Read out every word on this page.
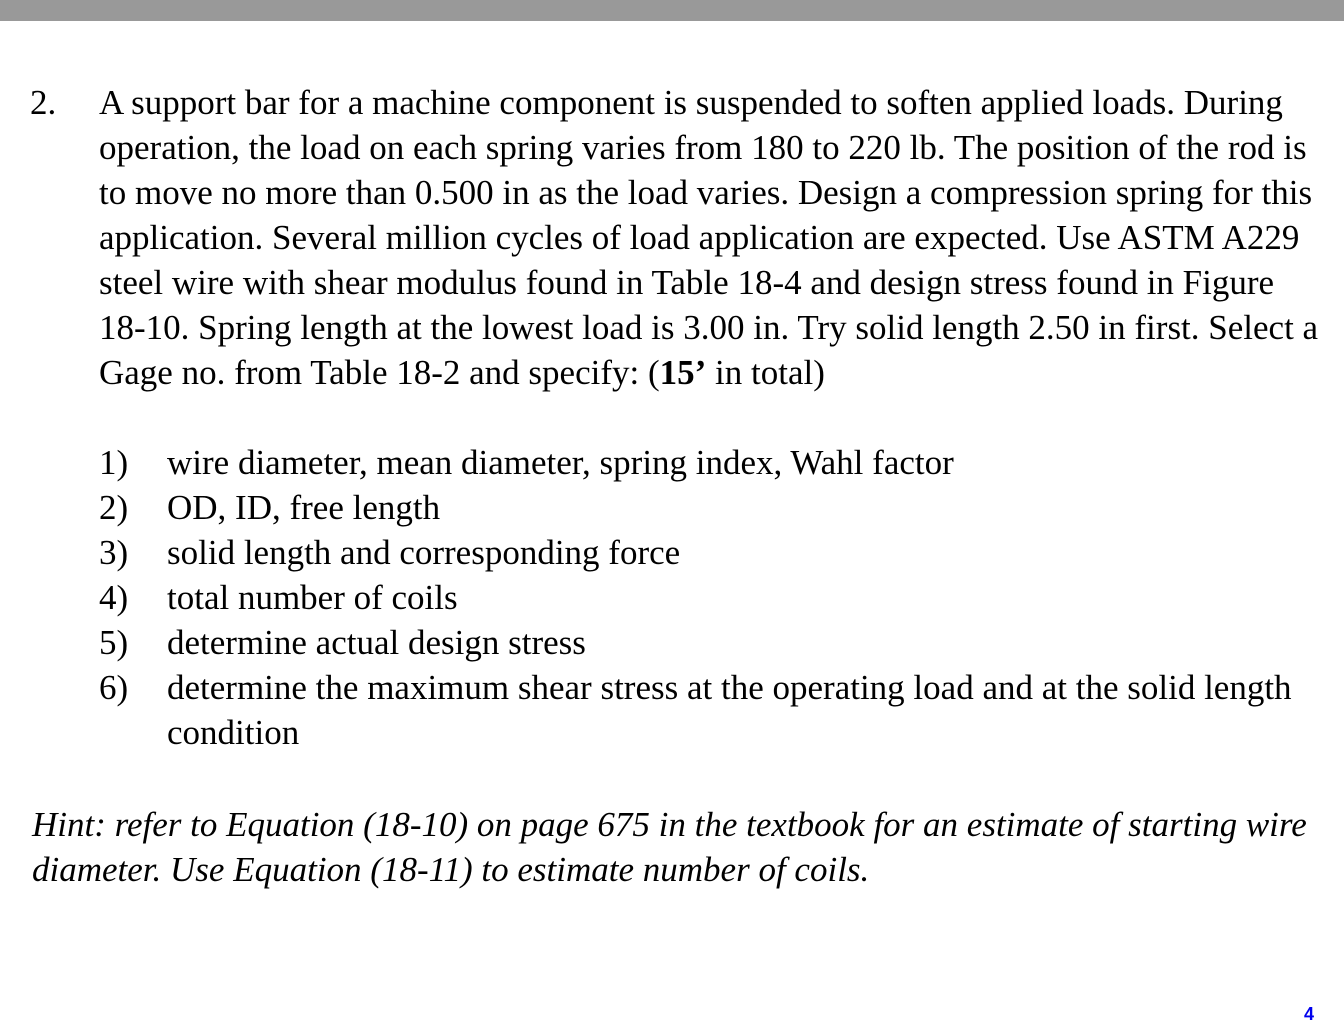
2. A support bar for a machine component is suspended to soften applied loads. During operation, the load on each spring varies from 180 to 220 lb. The position of the rod is to move no more than 0.500 in as the load varies. Design a compression spring for this application. Several million cycles of load application are expected. Use ASTM A229 steel wire with shear modulus found in Table 18-4 and design stress found in Figure 18-10. Spring length at the lowest load is 3.00 in. Try solid length 2.50 in first. Select a Gage no. from Table 18-2 and specify: (15’ in total)

1) wire diameter, mean diameter, spring index, Wahl factor
2) OD, ID, free length
3) solid length and corresponding force
4) total number of coils
5) determine actual design stress
6) determine the maximum shear stress at the operating load and at the solid length condition

Hint: refer to Equation (18-10) on page 675 in the textbook for an estimate of starting wire diameter. Use Equation (18-11) to estimate number of coils.

4
